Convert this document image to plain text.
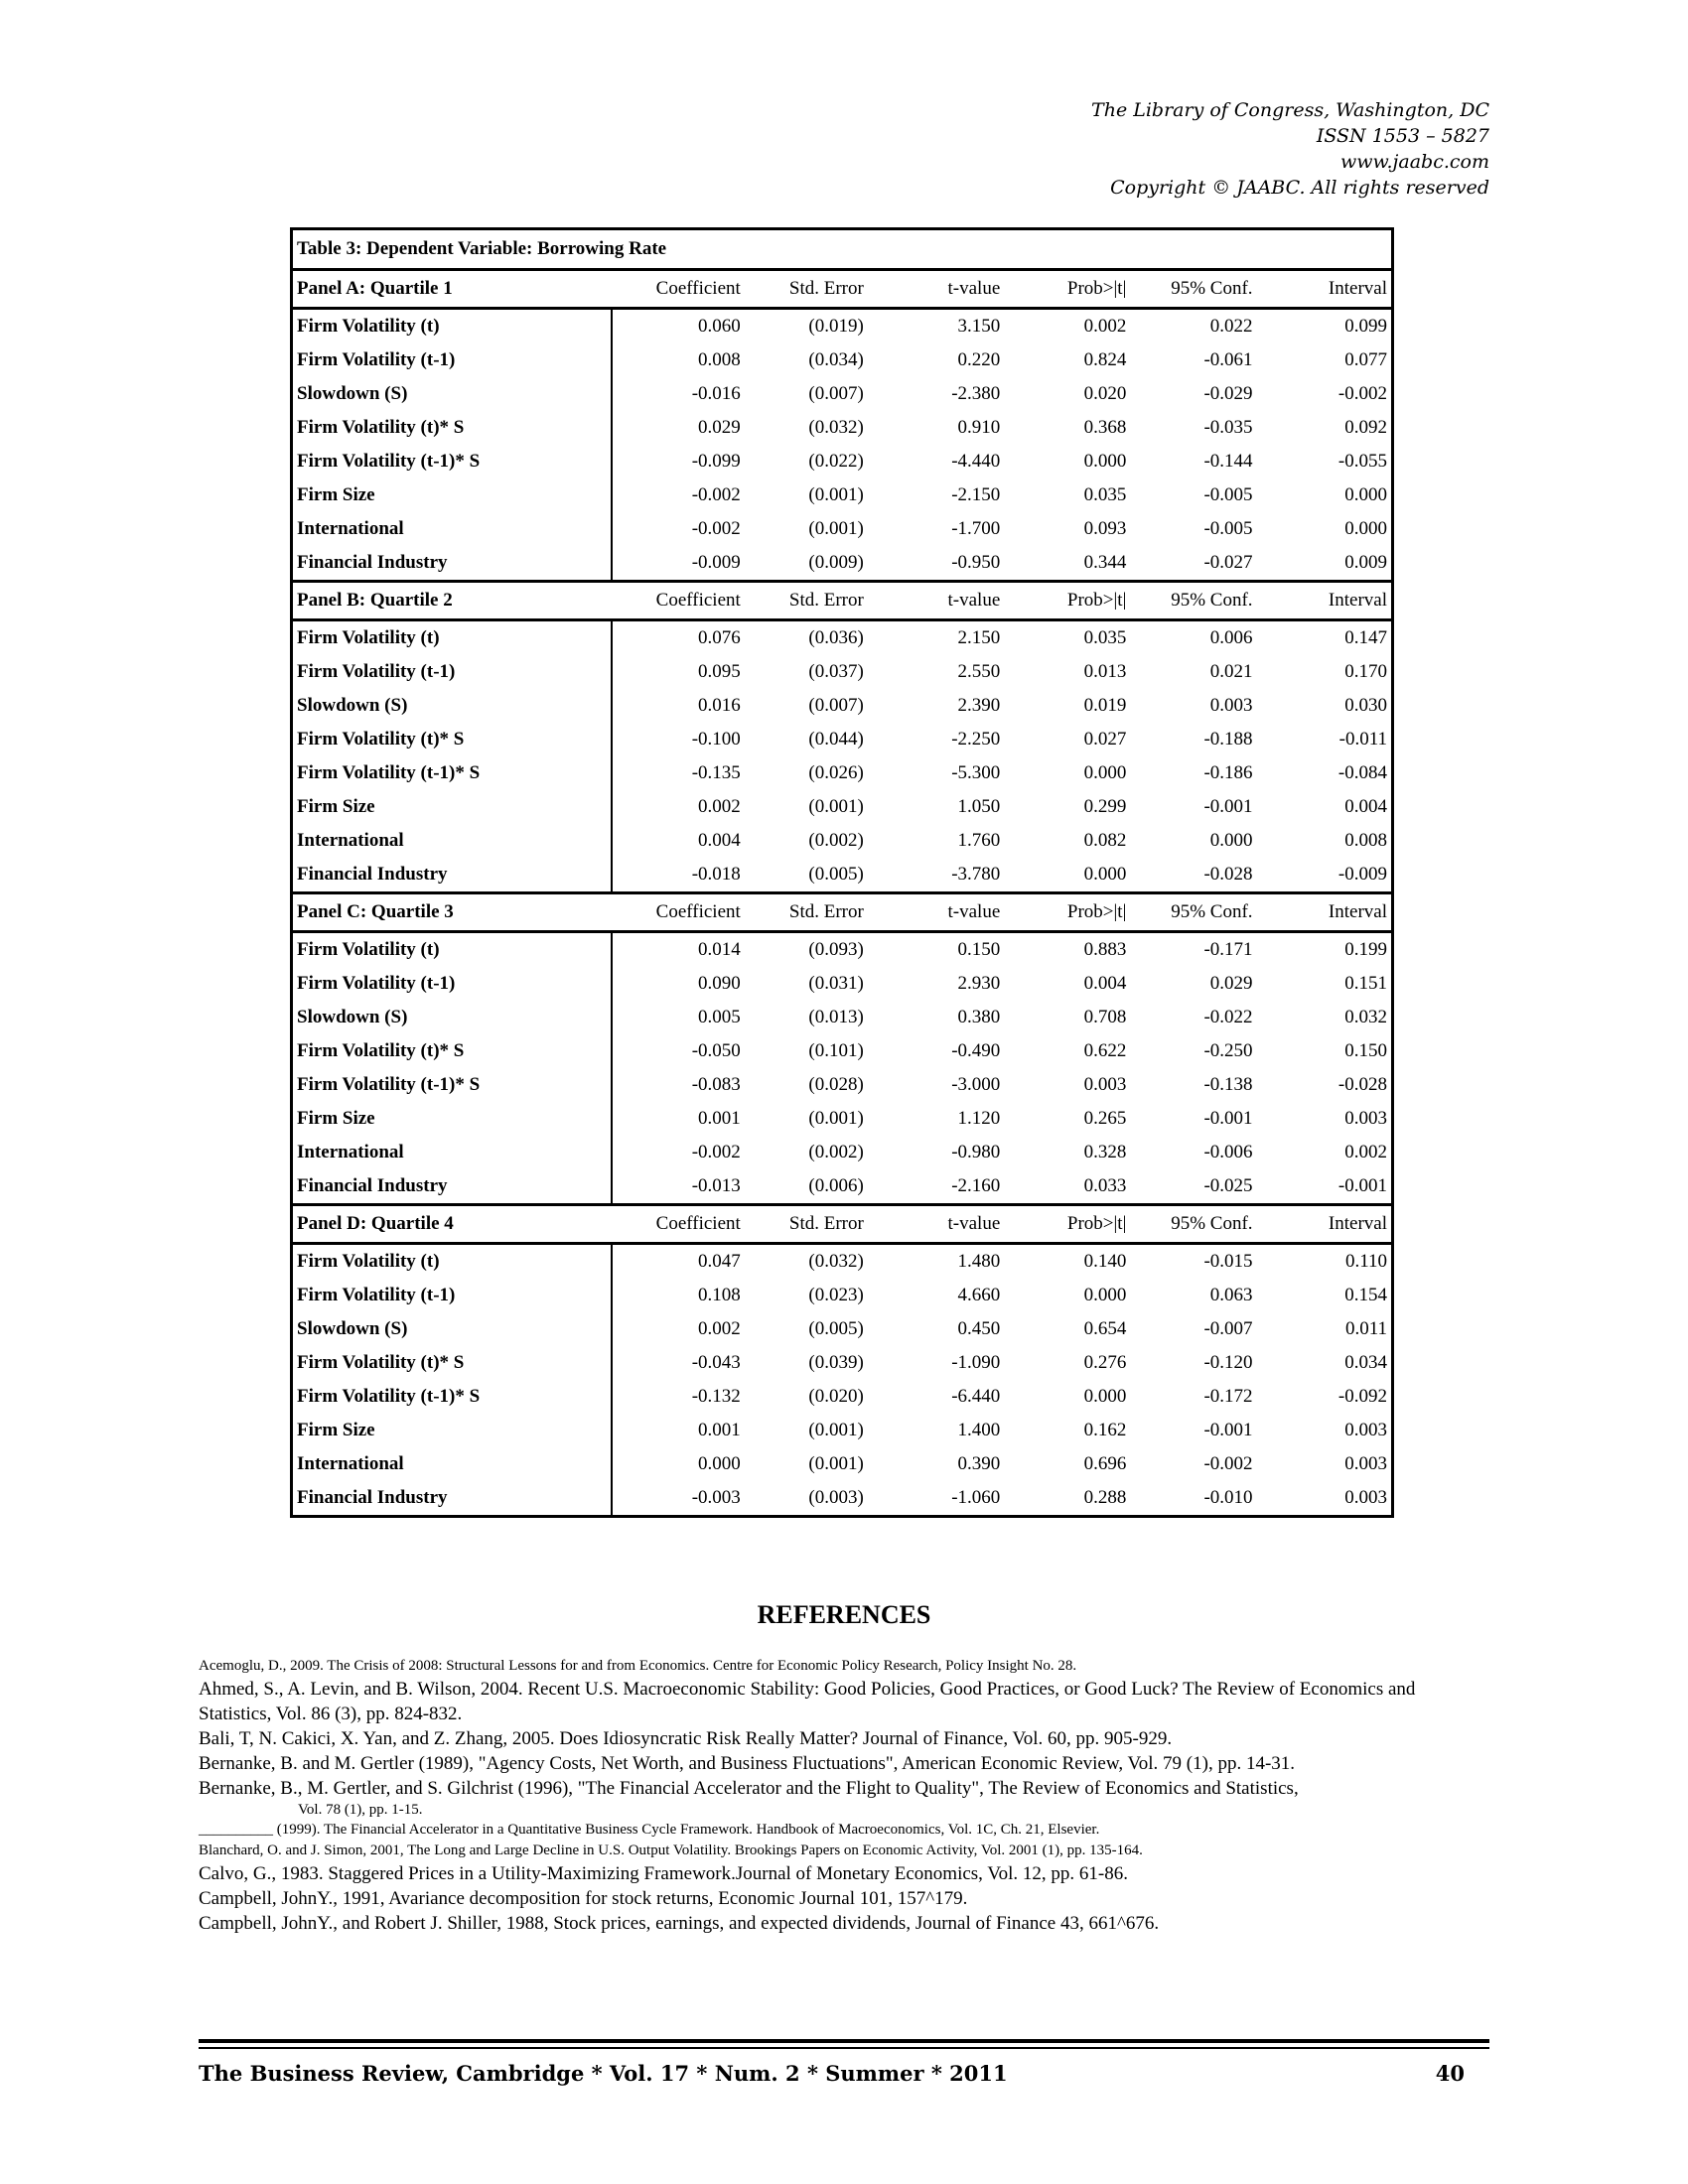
The Library of Congress, Washington, DC
ISSN 1553 – 5827
www.jaabc.com
Copyright © JAABC. All rights reserved
Table 3: Dependent Variable: Borrowing Rate						
Panel A: Quartile 1	Coefficient	Std. Error	t-value	Prob>|t|	95% Conf.	Interval
Firm Volatility (t)	0.060	(0.019)	3.150	0.002	0.022	0.099
Firm Volatility (t-1)	0.008	(0.034)	0.220	0.824	-0.061	0.077
Slowdown (S)	-0.016	(0.007)	-2.380	0.020	-0.029	-0.002
Firm Volatility (t)* S	0.029	(0.032)	0.910	0.368	-0.035	0.092
Firm Volatility (t-1)* S	-0.099	(0.022)	-4.440	0.000	-0.144	-0.055
Firm Size	-0.002	(0.001)	-2.150	0.035	-0.005	0.000
International	-0.002	(0.001)	-1.700	0.093	-0.005	0.000
Financial Industry	-0.009	(0.009)	-0.950	0.344	-0.027	0.009
Panel B: Quartile 2	Coefficient	Std. Error	t-value	Prob>|t|	95% Conf.	Interval
Firm Volatility (t)	0.076	(0.036)	2.150	0.035	0.006	0.147
Firm Volatility (t-1)	0.095	(0.037)	2.550	0.013	0.021	0.170
Slowdown (S)	0.016	(0.007)	2.390	0.019	0.003	0.030
Firm Volatility (t)* S	-0.100	(0.044)	-2.250	0.027	-0.188	-0.011
Firm Volatility (t-1)* S	-0.135	(0.026)	-5.300	0.000	-0.186	-0.084
Firm Size	0.002	(0.001)	1.050	0.299	-0.001	0.004
International	0.004	(0.002)	1.760	0.082	0.000	0.008
Financial Industry	-0.018	(0.005)	-3.780	0.000	-0.028	-0.009
Panel C: Quartile 3	Coefficient	Std. Error	t-value	Prob>|t|	95% Conf.	Interval
Firm Volatility (t)	0.014	(0.093)	0.150	0.883	-0.171	0.199
Firm Volatility (t-1)	0.090	(0.031)	2.930	0.004	0.029	0.151
Slowdown (S)	0.005	(0.013)	0.380	0.708	-0.022	0.032
Firm Volatility (t)* S	-0.050	(0.101)	-0.490	0.622	-0.250	0.150
Firm Volatility (t-1)* S	-0.083	(0.028)	-3.000	0.003	-0.138	-0.028
Firm Size	0.001	(0.001)	1.120	0.265	-0.001	0.003
International	-0.002	(0.002)	-0.980	0.328	-0.006	0.002
Financial Industry	-0.013	(0.006)	-2.160	0.033	-0.025	-0.001
Panel D: Quartile 4	Coefficient	Std. Error	t-value	Prob>|t|	95% Conf.	Interval
Firm Volatility (t)	0.047	(0.032)	1.480	0.140	-0.015	0.110
Firm Volatility (t-1)	0.108	(0.023)	4.660	0.000	0.063	0.154
Slowdown (S)	0.002	(0.005)	0.450	0.654	-0.007	0.011
Firm Volatility (t)* S	-0.043	(0.039)	-1.090	0.276	-0.120	0.034
Firm Volatility (t-1)* S	-0.132	(0.020)	-6.440	0.000	-0.172	-0.092
Firm Size	0.001	(0.001)	1.400	0.162	-0.001	0.003
International	0.000	(0.001)	0.390	0.696	-0.002	0.003
Financial Industry	-0.003	(0.003)	-1.060	0.288	-0.010	0.003
REFERENCES

Acemoglu, D., 2009. The Crisis of 2008: Structural Lessons for and from Economics. Centre for Economic Policy Research, Policy Insight No. 28.

Ahmed, S., A. Levin, and B. Wilson, 2004. Recent U.S. Macroeconomic Stability: Good Policies, Good Practices, or Good Luck? The Review of Economics and Statistics, Vol. 86 (3), pp. 824-832.

Bali, T, N. Cakici, X. Yan, and Z. Zhang, 2005. Does Idiosyncratic Risk Really Matter? Journal of Finance, Vol. 60, pp. 905-929.

Bernanke, B. and M. Gertler (1989), "Agency Costs, Net Worth, and Business Fluctuations", American Economic Review, Vol. 79 (1), pp. 14-31.

Bernanke, B., M. Gertler, and S. Gilchrist (1996), "The Financial Accelerator and the Flight to Quality", The Review of Economics and Statistics,

Vol. 78 (1), pp. 1-15.

__________ (1999). The Financial Accelerator in a Quantitative Business Cycle Framework. Handbook of Macroeconomics, Vol. 1C, Ch. 21, Elsevier.

Blanchard, O. and J. Simon, 2001, The Long and Large Decline in U.S. Output Volatility. Brookings Papers on Economic Activity, Vol. 2001 (1), pp. 135-164.

Calvo, G., 1983. Staggered Prices in a Utility-Maximizing Framework.Journal of Monetary Economics, Vol. 12, pp. 61-86.

Campbell, JohnY., 1991, Avariance decomposition for stock returns, Economic Journal 101, 157^179.

Campbell, JohnY., and Robert J. Shiller, 1988, Stock prices, earnings, and expected dividends, Journal of Finance 43, 661^676.

The Business Review, Cambridge * Vol. 17 * Num. 2 * Summer * 2011	40
